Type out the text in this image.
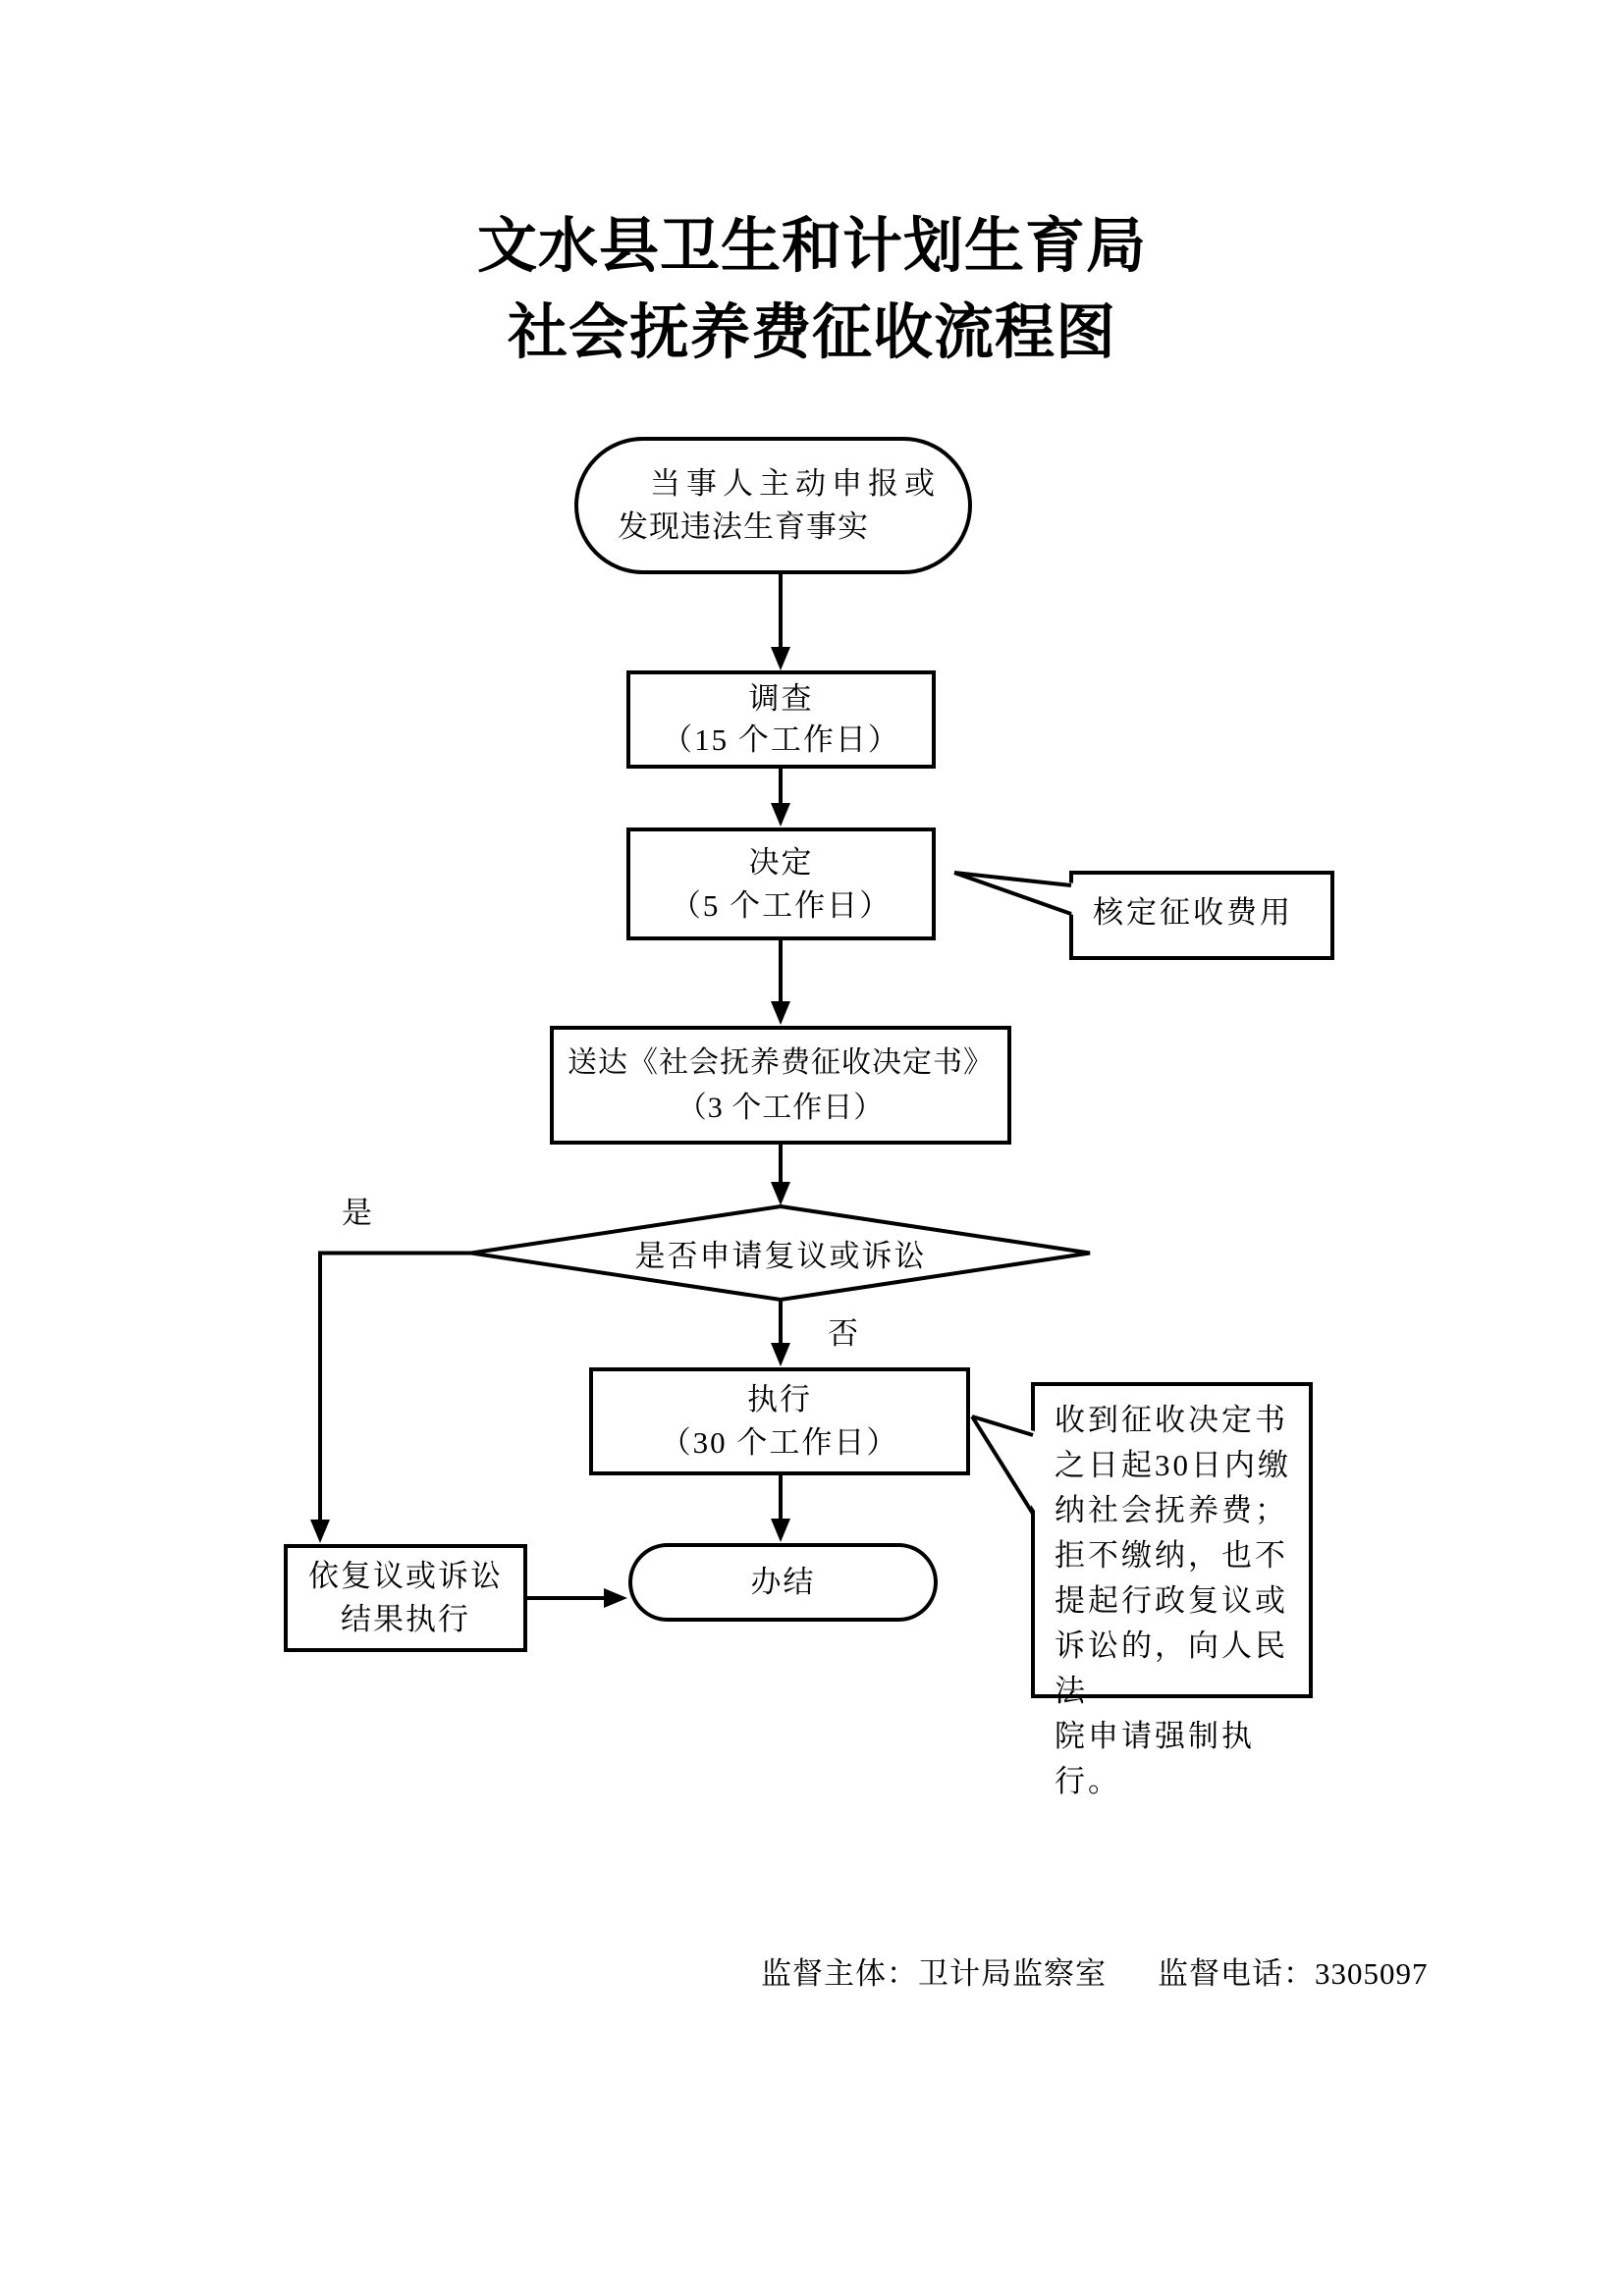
文水县卫生和计划生育局
社会抚养费征收流程图
当事人主动申报或
发现违法生育事实
调查
（15 个工作日）
决定
（5 个工作日）
送达《社会抚养费征收决定书》
（3 个工作日）
是否申请复议或诉讼
是
否
执行
（30 个工作日）
依复议或诉讼
结果执行
办结
核定征收费用
收到征收决定书
之日起30日内缴
纳社会抚养费；
拒不缴纳，也不
提起行政复议或
诉讼的，向人民法
院申请强制执行。
监督主体：卫计局监察室 监督电话：3305097
